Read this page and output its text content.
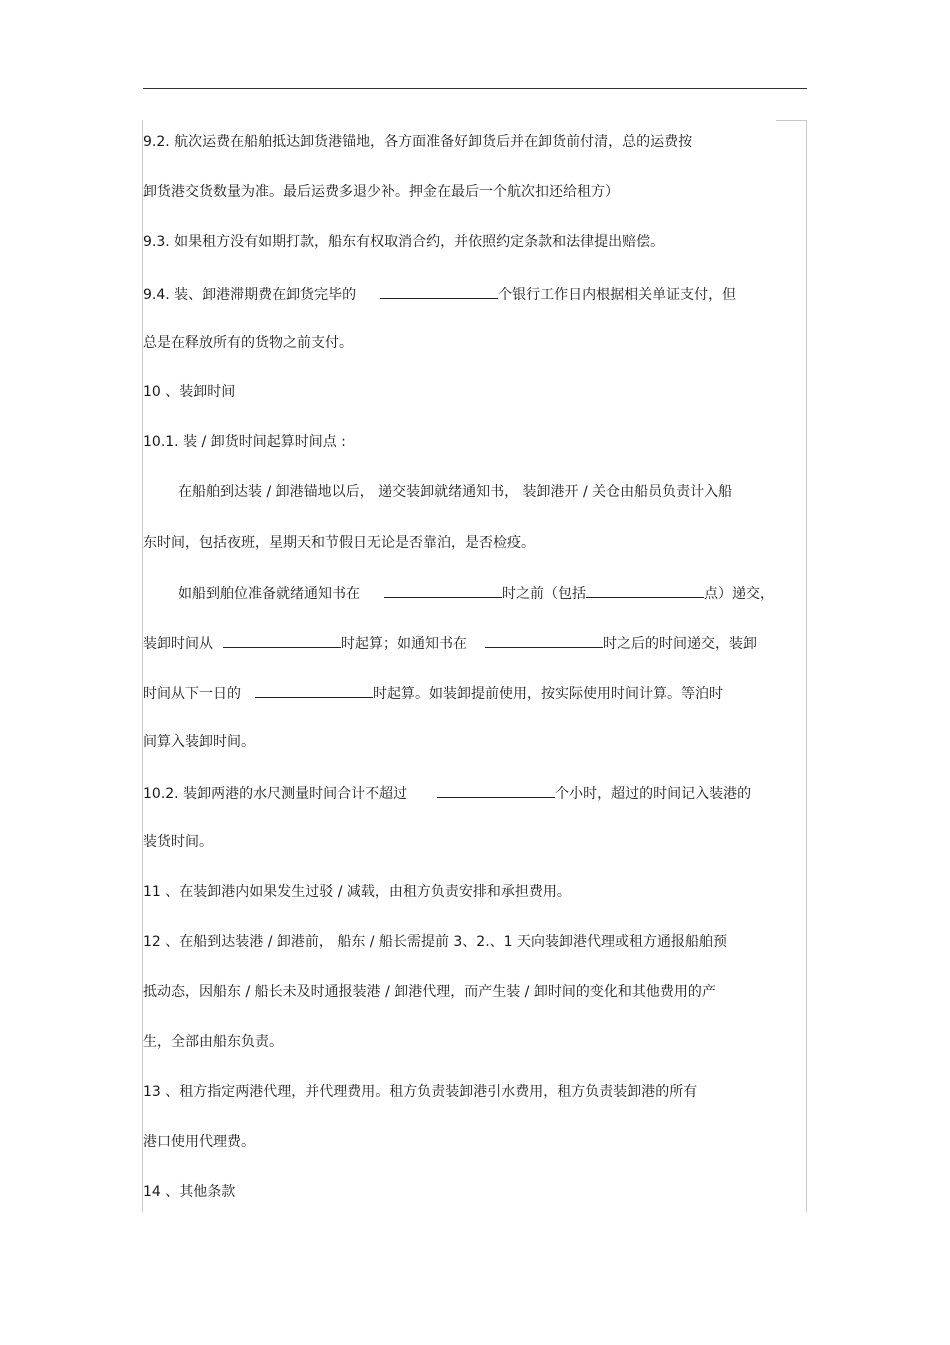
9.2. 航次运费在船舶抵达卸货港锚地，各方面准备好卸货后并在卸货前付清，总的运费按
卸货港交货数量为准。最后运费多退少补。押金在最后一个航次扣还给租方）
9.3. 如果租方没有如期打款，船东有权取消合约，并依照约定条款和法律提出赔偿。
9.4. 装、卸港滞期费在卸货完毕的	个银行工作日内根据相关单证支付，但
总是在释放所有的货物之前支付。
10 、装卸时间
10.1. 装 / 卸货时间起算时间点 :
在船舶到达装 / 卸港锚地以后， 递交装卸就绪通知书， 装卸港开 / 关仓由船员负责计入船
东时间，包括夜班，星期天和节假日无论是否靠泊，是否检疫。
如船到舶位准备就绪通知书在	时之前（包括	点）递交，
装卸时间从	时起算；如通知书在	时之后的时间递交，装卸
时间从下一日的	时起算。如装卸提前使用，按实际使用时间计算。等泊时
间算入装卸时间。
10.2. 装卸两港的水尺测量时间合计不超过	个小时，超过的时间记入装港的
装货时间。
11 、在装卸港内如果发生过驳 / 减载，由租方负责安排和承担费用。
12 、在船到达装港 / 卸港前， 船东 / 船长需提前 3、2.、1 天向装卸港代理或租方通报船舶预
抵动态，因船东 / 船长未及时通报装港 / 卸港代理，而产生装 / 卸时间的变化和其他费用的产
生，全部由船东负责。
13 、租方指定两港代理，并代理费用。租方负责装卸港引水费用，租方负责装卸港的所有
港口使用代理费。
14 、其他条款
